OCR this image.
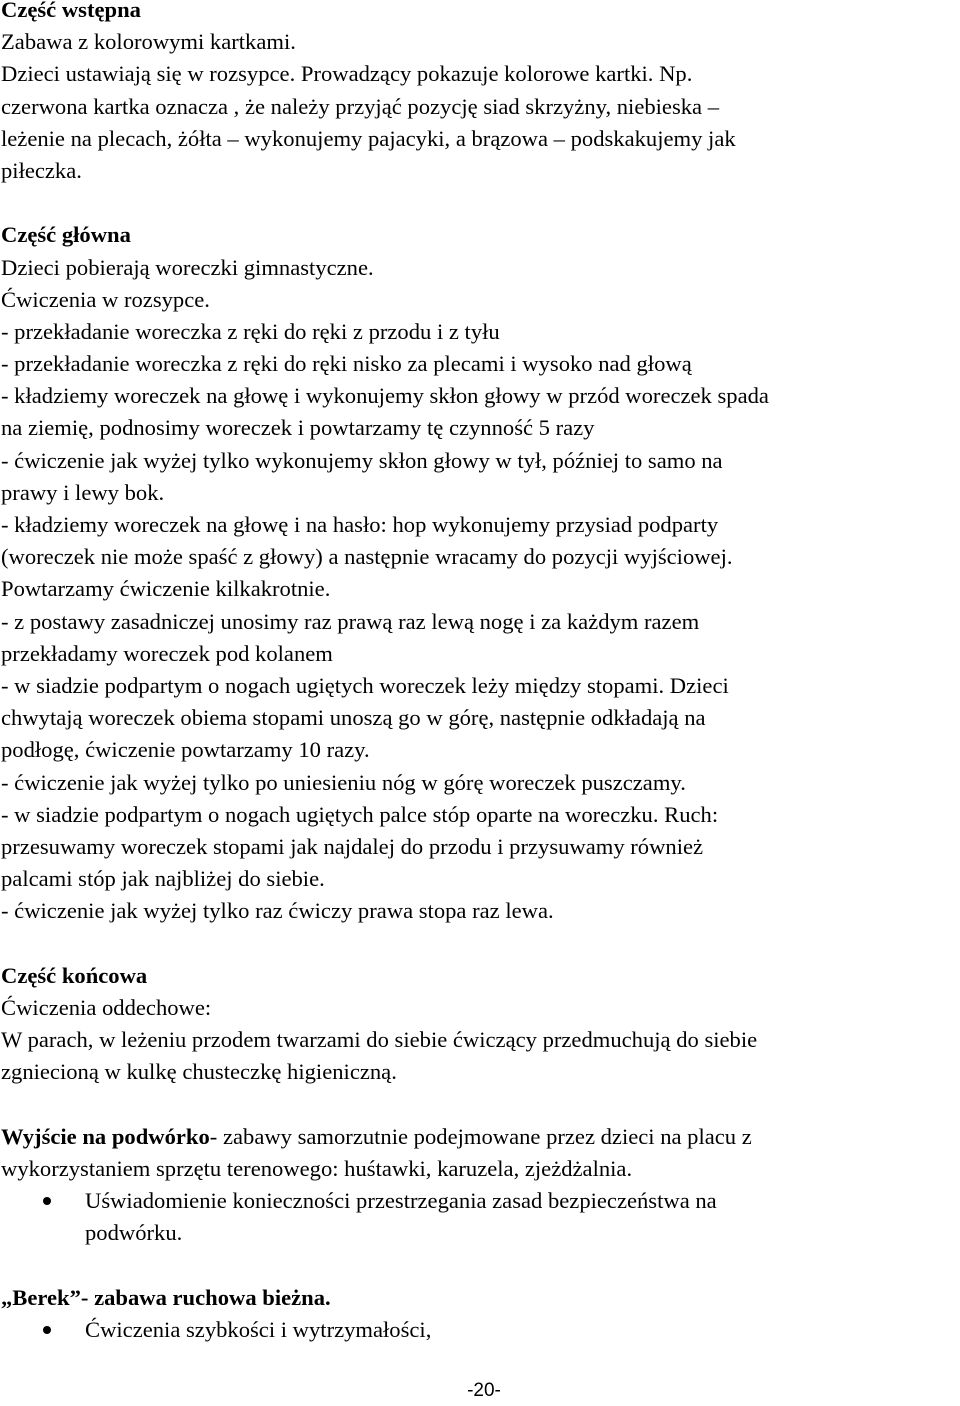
Część wstępna
Zabawa z kolorowymi kartkami.
Dzieci ustawiają się w rozsypce. Prowadzący pokazuje kolorowe kartki. Np.
czerwona kartka oznacza , że należy przyjąć pozycję siad skrzyżny, niebieska –
leżenie na plecach, żółta – wykonujemy pajacyki, a brązowa – podskakujemy jak
piłeczka.
Część główna
Dzieci pobierają woreczki gimnastyczne.
Ćwiczenia w rozsypce.
- przekładanie woreczka z ręki do ręki z przodu i z tyłu
- przekładanie woreczka z ręki do ręki nisko za plecami i wysoko nad głową
- kładziemy woreczek na głowę i wykonujemy skłon głowy w przód woreczek spada
na ziemię, podnosimy woreczek i powtarzamy tę czynność 5 razy
- ćwiczenie jak wyżej tylko wykonujemy skłon głowy w tył, później to samo na
prawy i lewy bok.
- kładziemy woreczek na głowę i na hasło: hop wykonujemy przysiad podparty
(woreczek nie może spaść z głowy) a następnie wracamy do pozycji wyjściowej.
Powtarzamy ćwiczenie kilkakrotnie.
- z postawy zasadniczej unosimy raz prawą raz lewą nogę i za każdym razem
przekładamy woreczek pod kolanem
- w siadzie podpartym o nogach ugiętych woreczek leży między stopami. Dzieci
chwytają woreczek obiema stopami unoszą go w górę, następnie odkładają na
podłogę, ćwiczenie powtarzamy 10 razy.
- ćwiczenie jak wyżej tylko po uniesieniu nóg w górę woreczek puszczamy.
- w siadzie podpartym o nogach ugiętych palce stóp oparte na woreczku. Ruch:
przesuwamy woreczek stopami jak najdalej do przodu i przysuwamy również
palcami stóp jak najbliżej do siebie.
- ćwiczenie jak wyżej tylko raz ćwiczy prawa stopa raz lewa.
Część końcowa
Ćwiczenia oddechowe:
W parach, w leżeniu przodem twarzami do siebie ćwiczący przedmuchują do siebie
zgniecioną w kulkę chusteczkę higieniczną.
Wyjście na podwórko- zabawy samorzutnie podejmowane przez dzieci na placu z
wykorzystaniem sprzętu terenowego: huśtawki, karuzela, zjeżdżalnia.
Uświadomienie konieczności przestrzegania zasad bezpieczeństwa na
podwórku.
„Berek”- zabawa ruchowa bieżna.
Ćwiczenia szybkości i wytrzymałości,
-20-
